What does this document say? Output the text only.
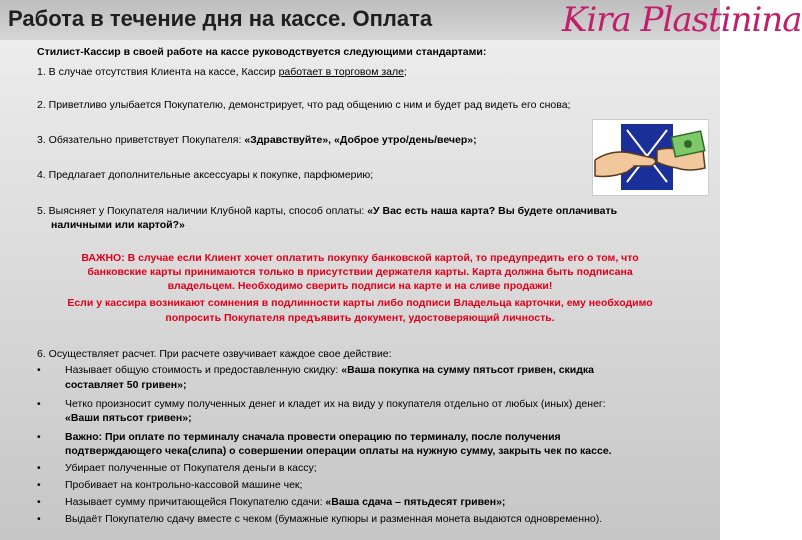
Работа в течение дня на кассе. Оплата	Kira Plastinina
Стилист-Кассир в своей работе на кассе руководствуется следующими стандартами:
1. В случае отсутствия Клиента на кассе, Кассир работает в торговом зале;
2. Приветливо улыбается Покупателю, демонстрирует, что рад общению с ним и будет рад видеть его снова;
3. Обязательно приветствует Покупателя: «Здравствуйте», «Доброе утро/день/вечер»;
4. Предлагает дополнительные аксессуары к покупке, парфюмерию;
5. Выясняет у Покупателя наличии Клубной карты, способ оплаты: «У Вас есть наша карта? Вы будете оплачивать
наличными или картой?»
ВАЖНО: В случае если Клиент хочет оплатить покупку банковской картой, то предупредить его о том, что
банковские карты принимаются только в присутствии держателя карты. Карта должна быть подписана
владельцем. Необходимо сверить подписи на карте и на сливе продажи!
Если у кассира возникают сомнения в подлинности карты либо подписи Владельца карточки, ему необходимо
попросить Покупателя предъявить документ, удостоверяющий личность.
6. Осуществляет расчет. При расчете озвучивает каждое свое действие:
• Называет общую стоимость и предоставленную скидку: «Ваша покупка на сумму пятьсот гривен, скидка
составляет 50 гривен»;
• Четко произносит сумму полученных денег и кладет их на виду у покупателя отдельно от любых (иных) денег:
«Ваши пятьсот гривен»;
• Важно: При оплате по терминалу сначала провести операцию по терминалу, после получения
подтверждающего чека(слипа) о совершении операции оплаты на нужную сумму, закрыть чек по кассе.
• Убирает полученные от Покупателя деньги в кассу;
• Пробивает на контрольно-кассовой машине чек;
• Называет сумму причитающейся Покупателю сдачи: «Ваша сдача – пятьдесят гривен»;
• Выдаёт Покупателю сдачу вместе с чеком (бумажные купюры и разменная монета выдаются одновременно).
